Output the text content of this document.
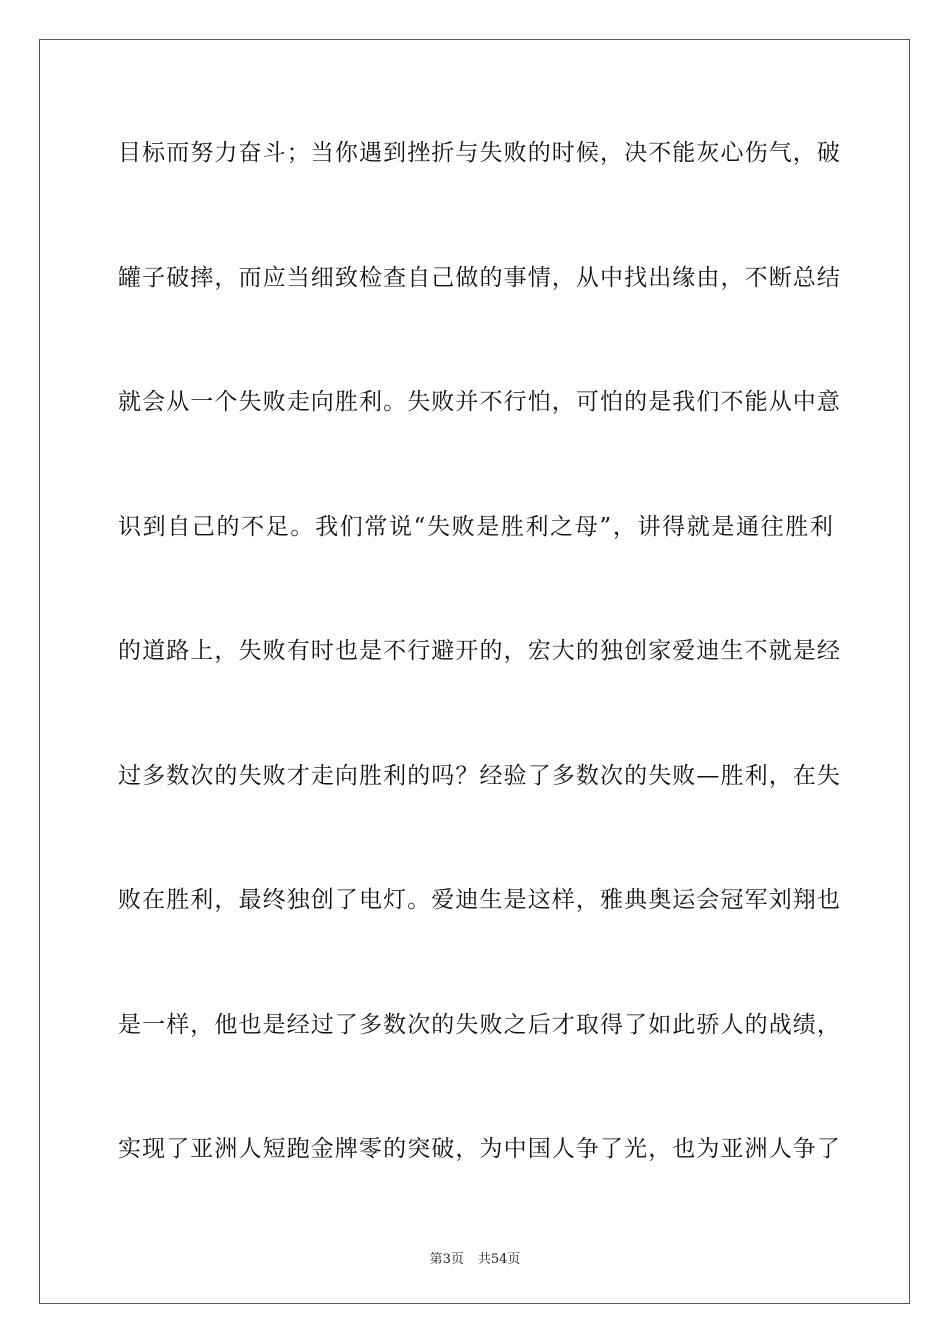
目标而努力奋斗；当你遇到挫折与失败的时候，决不能灰心伤气，破
罐子破摔，而应当细致检查自己做的事情，从中找出缘由，不断总结
就会从一个失败走向胜利。失败并不行怕，可怕的是我们不能从中意
识到自己的不足。我们常说“失败是胜利之母”，讲得就是通往胜利
的道路上，失败有时也是不行避开的，宏大的独创家爱迪生不就是经
过多数次的失败才走向胜利的吗？经验了多数次的失败—胜利，在失
败在胜利，最终独创了电灯。爱迪生是这样，雅典奥运会冠军刘翔也
是一样，他也是经过了多数次的失败之后才取得了如此骄人的战绩，
实现了亚洲人短跑金牌零的突破，为中国人争了光，也为亚洲人争了
第3页 共54页
